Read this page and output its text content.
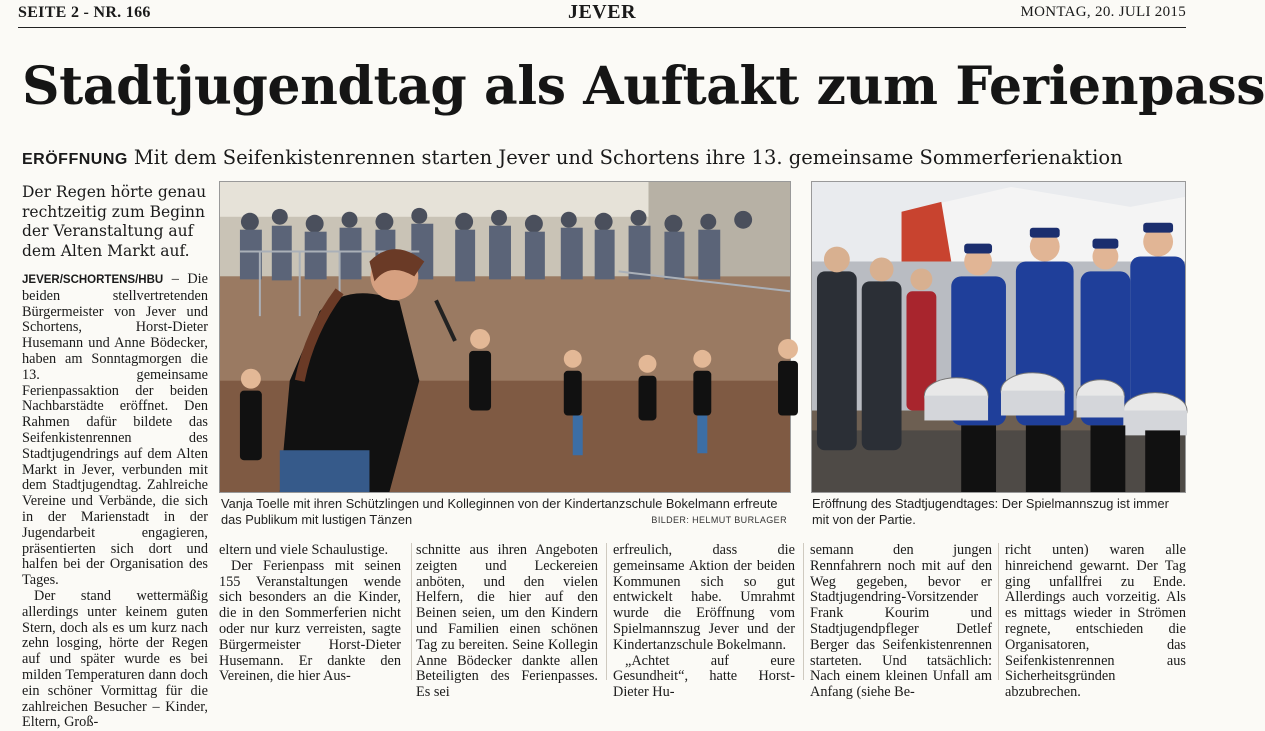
SEITE 2 - NR. 166	JEVER	MONTAG, 20. JULI 2015
Stadtjugendtag als Auftakt zum Ferienpass
ERÖFFNUNG Mit dem Seifenkistenrennen starten Jever und Schortens ihre 13. gemeinsame Sommerferienaktion
Der Regen hörte genau rechtzeitig zum Beginn der Veranstaltung auf dem Alten Markt auf.

JEVER/SCHORTENS/HBU – Die beiden stellvertretenden Bürgermeister von Jever und Schortens, Horst-Dieter Husemann und Anne Bödecker, haben am Sonntagmorgen die 13. gemeinsame Ferienpassaktion der beiden Nachbarstädte eröffnet. Den Rahmen dafür bildete das Seifenkistenrennen des Stadtjugendrings auf dem Alten Markt in Jever, verbunden mit dem Stadtjugendtag. Zahlreiche Vereine und Verbände, die sich in der Marienstadt in der Jugendarbeit engagieren, präsentierten sich dort und halfen bei der Organisation des Tages.

Der stand wettermäßig allerdings unter keinem guten Stern, doch als es um kurz nach zehn losging, hörte der Regen auf und später wurde es bei milden Temperaturen dann doch ein schöner Vormittag für die zahlreichen Besucher – Kinder, Eltern, Groß-

Vanja Toelle mit ihren Schützlingen und Kolleginnen von der Kindertanzschule Bokelmann erfreute das Publikum mit lustigen Tänzen	BILDER: HELMUT BURLAGER
Eröffnung des Stadtjugendtages: Der Spielmannszug ist immer mit von der Partie.

eltern und viele Schaulustige.

Der Ferienpass mit seinen 155 Veranstaltungen wende sich besonders an die Kinder, die in den Sommerferien nicht oder nur kurz verreisten, sagte Bürgermeister Horst-Dieter Husemann. Er dankte den Vereinen, die hier Aus-

schnitte aus ihren Angeboten zeigten und Leckereien anböten, und den vielen Helfern, die hier auf den Beinen seien, um den Kindern und Familien einen schönen Tag zu bereiten. Seine Kollegin Anne Bödecker dankte allen Beteiligten des Ferienpasses. Es sei

erfreulich, dass die gemeinsame Aktion der beiden Kommunen sich so gut entwickelt habe. Umrahmt wurde die Eröffnung vom Spielmannszug Jever und der Kindertanzschule Bokelmann.

„Achtet auf eure Gesundheit“, hatte Horst-Dieter Hu-

semann den jungen Rennfahrern noch mit auf den Weg gegeben, bevor er Stadtjugendring-Vorsitzender Frank Kourim und Stadtjugendpfleger Detlef Berger das Seifenkistenrennen starteten. Und tatsächlich: Nach einem kleinen Unfall am Anfang (siehe Be-

richt unten) waren alle hinreichend gewarnt. Der Tag ging unfallfrei zu Ende. Allerdings auch vorzeitig. Als es mittags wieder in Strömen regnete, entschieden die Organisatoren, das Seifenkistenrennen aus Sicherheitsgründen abzubrechen.
